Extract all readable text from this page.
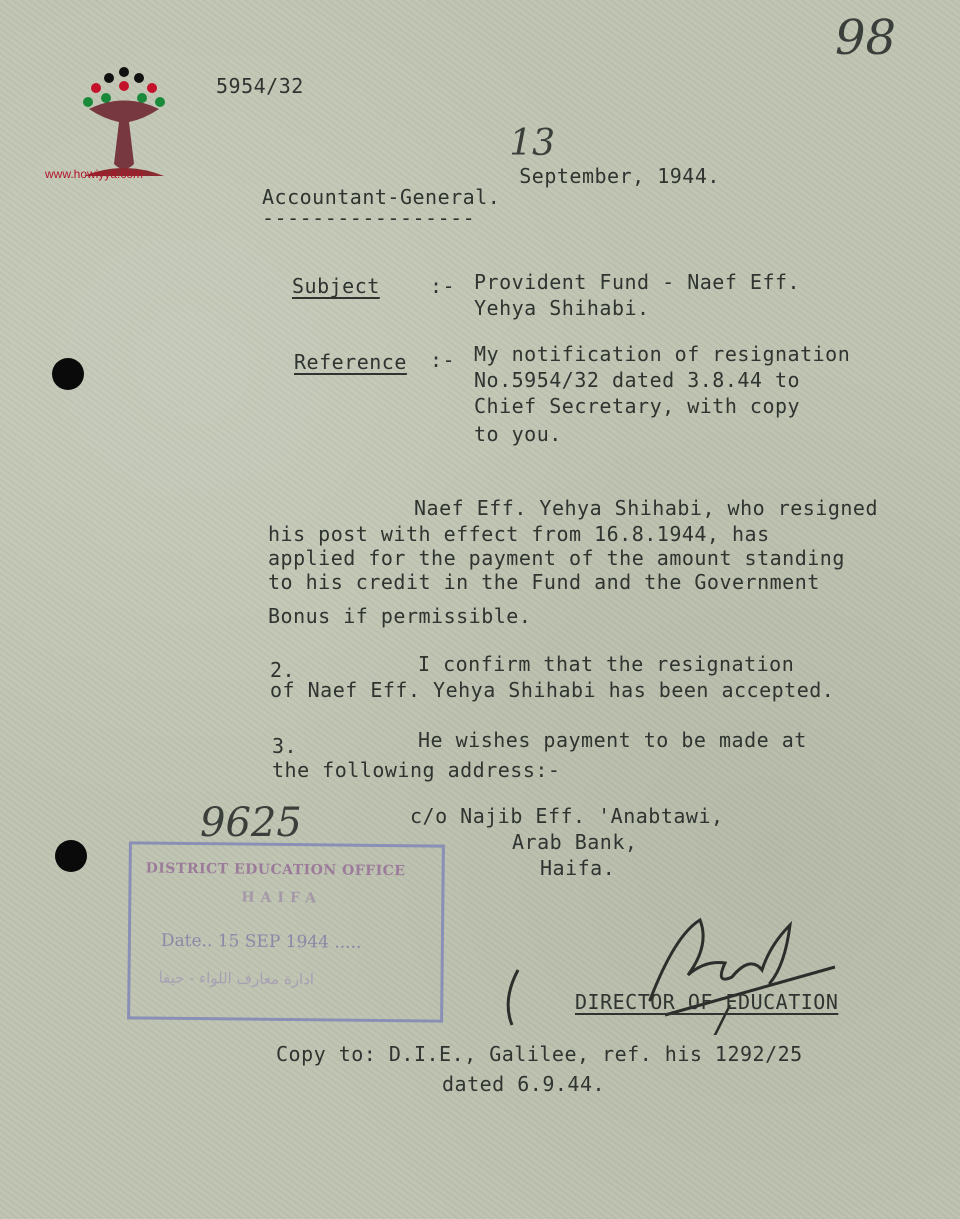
www.howiyya.com

98
5954/32

13
September, 1944.

Accountant-General.
-----------------
Subject	:- Provident Fund - Naef Eff.
Yehya Shihabi.
Reference :- My notification of resignation
No.5954/32 dated 3.8.44 to
Chief Secretary, with copy
to you.
Naef Eff. Yehya Shihabi, who resigned
his post with effect from 16.8.1944, has
applied for the payment of the amount standing
to his credit in the Fund and the Government
Bonus if permissible.
2.	I confirm that the resignation
of Naef Eff. Yehya Shihabi has been accepted.
3.	He wishes payment to be made at
the following address:-
c/o Najib Eff. 'Anabtawi,
Arab Bank,
Haifa.
9625
DISTRICT EDUCATION OFFICE
HAIFA
Date.. 15 SEP 1944 .....
ادارة معارف اللواء - حيفا
DIRECTOR OF EDUCATION
Copy to: D.I.E., Galilee, ref. his 1292/25
dated 6.9.44.
